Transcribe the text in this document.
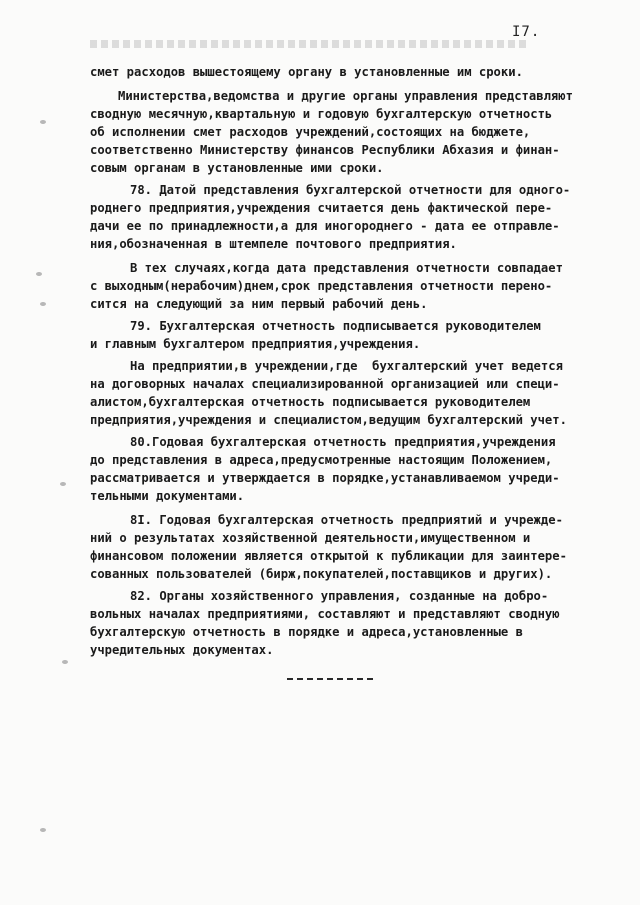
I7.
смет расходов вышестоящему органу в установленные им сроки.
Министерства,ведомства и другие органы управления представляют
сводную месячную,квартальную и годовую бухгалтерскую отчетность
об исполнении смет расходов учреждений,состоящих на бюджете,
соответственно Министерству финансов Республики Абхазия и финан-
совым органам в установленные ими сроки.
78. Датой представления бухгалтерской отчетности для одного-
роднего предприятия,учреждения считается день фактической пере-
дачи ее по принадлежности,а для иногороднего - дата ее отправле-
ния,обозначенная в штемпеле почтового предприятия.
В тех случаях,когда дата представления отчетности совпадает
с выходным(нерабочим)днем,срок представления отчетности перено-
сится на следующий за ним первый рабочий день.
79. Бухгалтерская отчетность подписывается руководителем
и главным бухгалтером предприятия,учреждения.
На предприятии,в учреждении,где  бухгалтерский учет ведется
на договорных началах специализированной организацией или специ-
алистом,бухгалтерская отчетность подписывается руководителем
предприятия,учреждения и специалистом,ведущим бухгалтерский учет.
80.Годовая бухгалтерская отчетность предприятия,учреждения
до представления в адреса,предусмотренные настоящим Положением,
рассматривается и утверждается в порядке,устанавливаемом учреди-
тельными документами.
8I. Годовая бухгалтерская отчетность предприятий и учрежде-
ний о результатах хозяйственной деятельности,имущественном и
финансовом положении является открытой к публикации для заинтере-
сованных пользователей (бирж,покупателей,поставщиков и других).
82. Органы хозяйственного управления, созданные на добро-
вольных началах предприятиями, составляют и представляют сводную
бухгалтерскую отчетность в порядке и адреса,установленные в
учредительных документах.
